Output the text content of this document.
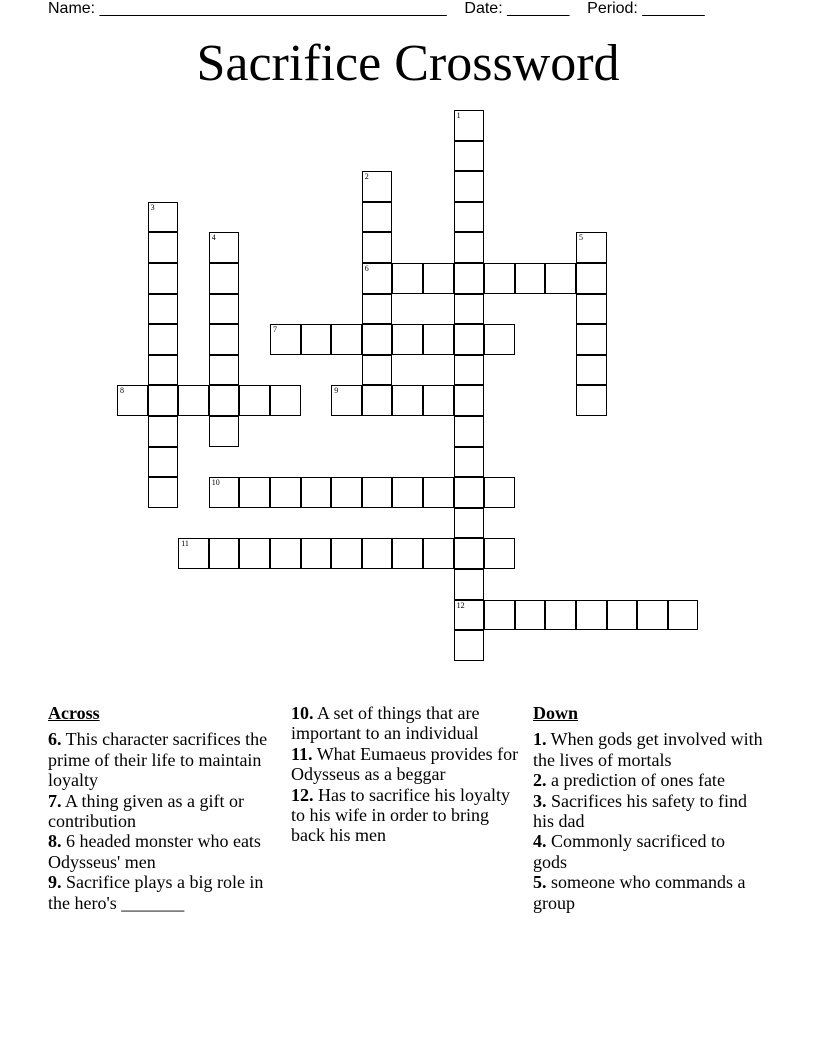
Name: _______________________________________ Date: _______ Period: _______
Sacrifice Crossword
1
12
2
6
3
4	5
7
8	9
10
11
Across
6. This character sacrifices the prime of their life to maintain loyalty
7. A thing given as a gift or contribution
8. 6 headed monster who eats Odysseus' men
9. Sacrifice plays a big role in the hero's _______
10. A set of things that are important to an individual
11. What Eumaeus provides for Odysseus as a beggar
12. Has to sacrifice his loyalty to his wife in order to bring back his men
Down
1. When gods get involved with the lives of mortals
2. a prediction of ones fate
3. Sacrifices his safety to find his dad
4. Commonly sacrificed to gods
5. someone who commands a group
